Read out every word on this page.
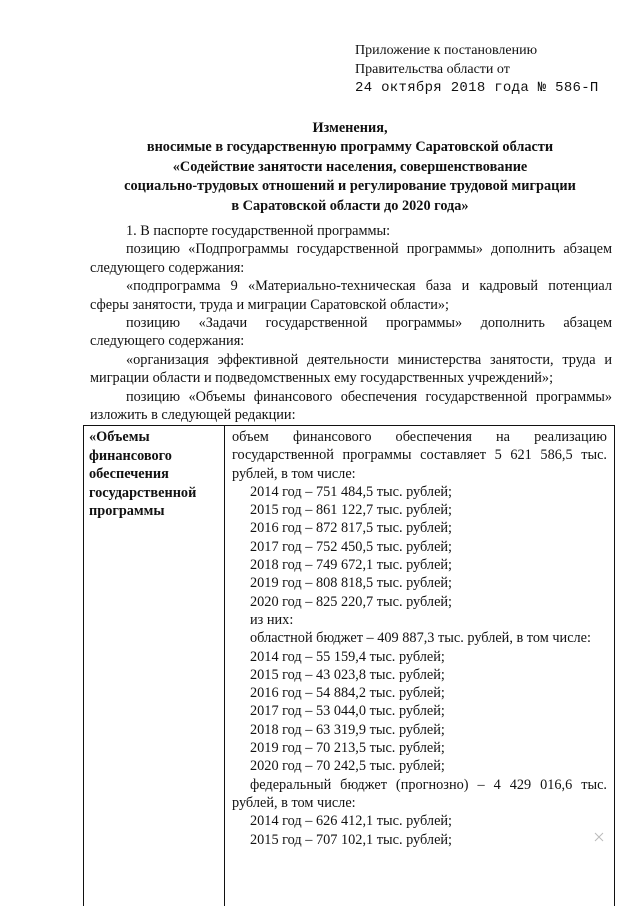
Приложение к постановлению
Правительства области от
24 октября 2018 года № 586-П
Изменения,
вносимые в государственную программу Саратовской области
«Содействие занятости населения, совершенствование
социально-трудовых отношений и регулирование трудовой миграции
в Саратовской области до 2020 года»

1. В паспорте государственной программы:

позицию «Подпрограммы государственной программы» дополнить абзацем следующего содержания:

«подпрограмма 9 «Материально-техническая база и кадровый потенциал сферы занятости, труда и миграции Саратовской области»;

позицию «Задачи государственной программы» дополнить абзацем следующего содержания:

«организация эффективной деятельности министерства занятости, труда и миграции области и подведомственных ему государственных учреждений»;

позицию «Объемы финансового обеспечения государственной программы» изложить в следующей редакции:

«Объемы финансового обеспечения государственной программы

объем финансового обеспечения на реализацию государственной программы составляет 5 621 586,5 тыс. рублей, в том числе:

2014 год – 751 484,5 тыс. рублей;

2015 год – 861 122,7 тыс. рублей;

2016 год – 872 817,5 тыс. рублей;

2017 год – 752 450,5 тыс. рублей;

2018 год – 749 672,1 тыс. рублей;

2019 год – 808 818,5 тыс. рублей;

2020 год – 825 220,7 тыс. рублей;

из них:

областной бюджет – 409 887,3 тыс. рублей, в том числе:

2014 год – 55 159,4 тыс. рублей;

2015 год – 43 023,8 тыс. рублей;

2016 год – 54 884,2 тыс. рублей;

2017 год – 53 044,0 тыс. рублей;

2018 год – 63 319,9 тыс. рублей;

2019 год – 70 213,5 тыс. рублей;

2020 год – 70 242,5 тыс. рублей;

федеральный бюджет (прогнозно) – 4 429 016,6 тыс. рублей, в том числе:

2014 год – 626 412,1 тыс. рублей;

2015 год – 707 102,1 тыс. рублей;
